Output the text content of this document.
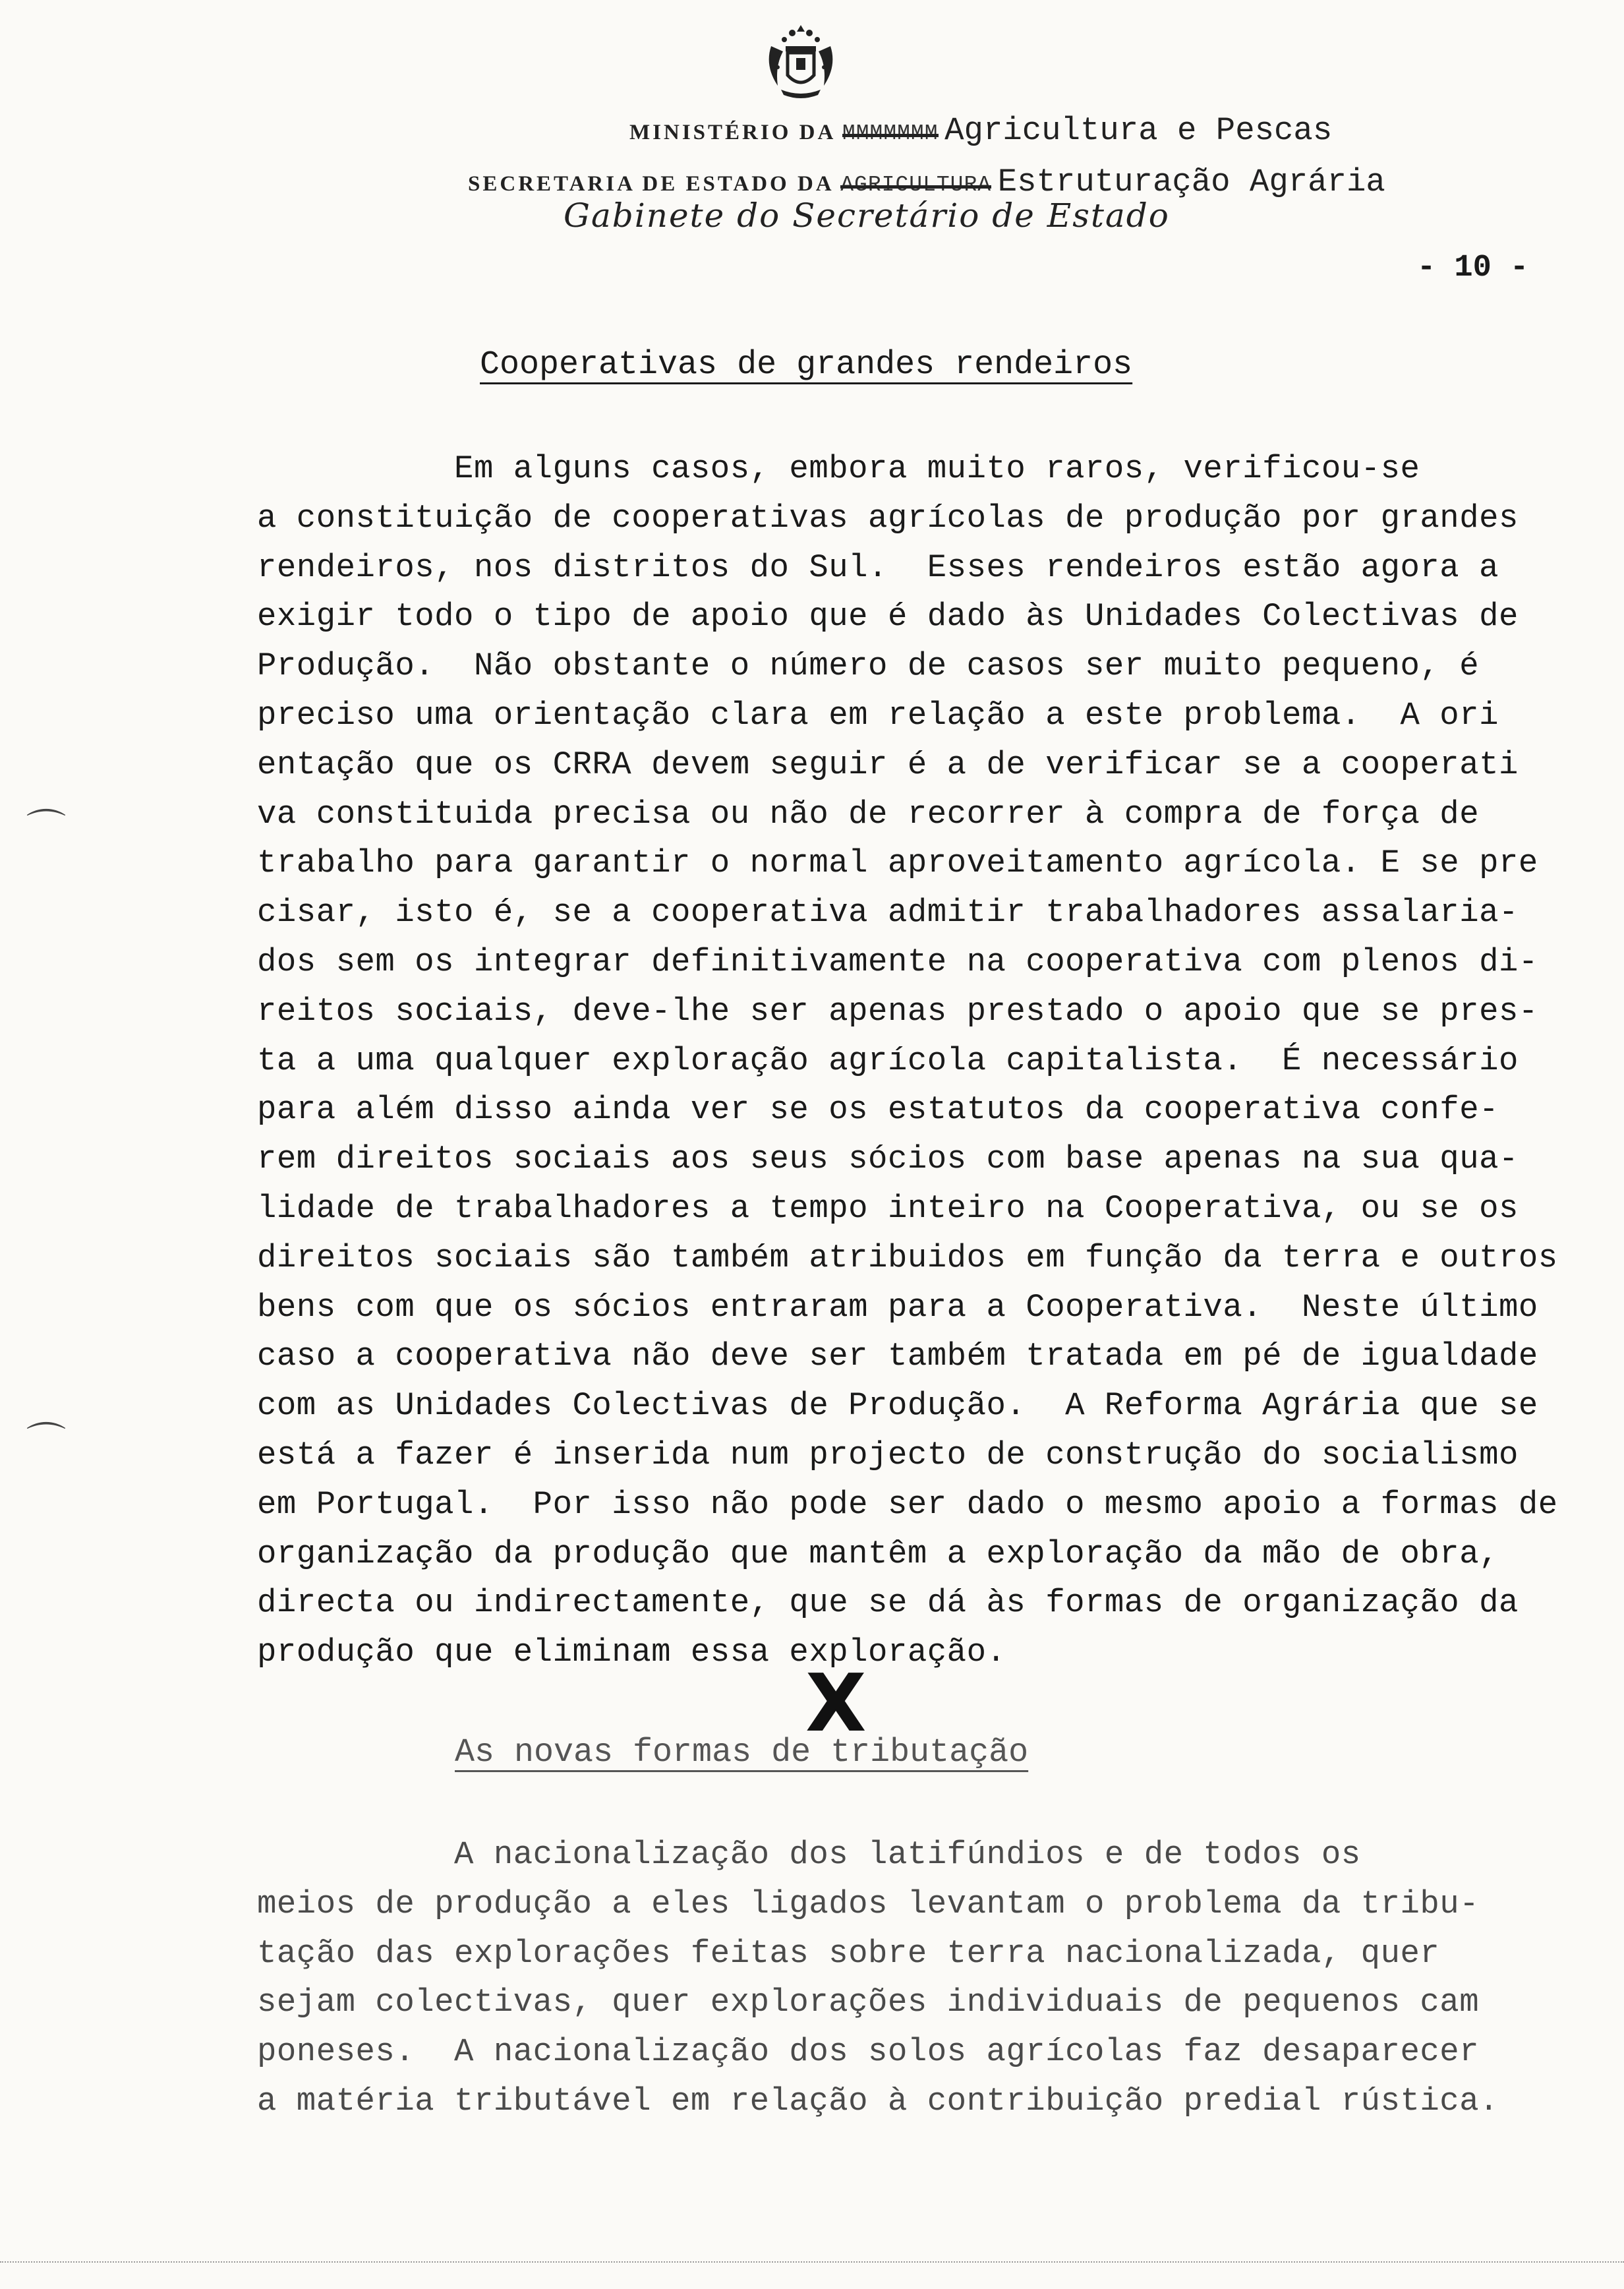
MINISTÉRIO DA MMMMMMM Agricultura e Pescas
SECRETARIA DE ESTADO DA AGRICULTURA Estruturação Agrária
Gabinete do Secretário de Estado
- 10 -
Cooperativas de grandes rendeiros
Em alguns casos, embora muito raros, verificou-se
a constituição de cooperativas agrícolas de produção por grandes
rendeiros, nos distritos do Sul.  Esses rendeiros estão agora a
exigir todo o tipo de apoio que é dado às Unidades Colectivas de
Produção.  Não obstante o número de casos ser muito pequeno, é
preciso uma orientação clara em relação a este problema.  A ori
entação que os CRRA devem seguir é a de verificar se a cooperati
va constituida precisa ou não de recorrer à compra de força de
trabalho para garantir o normal aproveitamento agrícola. E se pre
cisar, isto é, se a cooperativa admitir trabalhadores assalaria-
dos sem os integrar definitivamente na cooperativa com plenos di-
reitos sociais, deve-lhe ser apenas prestado o apoio que se pres-
ta a uma qualquer exploração agrícola capitalista.  É necessário
para além disso ainda ver se os estatutos da cooperativa confe-
rem direitos sociais aos seus sócios com base apenas na sua qua-
lidade de trabalhadores a tempo inteiro na Cooperativa, ou se os
direitos sociais são também atribuidos em função da terra e outros
bens com que os sócios entraram para a Cooperativa.  Neste último
caso a cooperativa não deve ser também tratada em pé de igualdade
com as Unidades Colectivas de Produção.  A Reforma Agrária que se
está a fazer é inserida num projecto de construção do socialismo
em Portugal.  Por isso não pode ser dado o mesmo apoio a formas de
organização da produção que mantêm a exploração da mão de obra,
directa ou indirectamente, que se dá às formas de organização da
produção que eliminam essa exploração.
X
As novas formas de tributação
A nacionalização dos latifúndios e de todos os
meios de produção a eles ligados levantam o problema da tribu-
tação das explorações feitas sobre terra nacionalizada, quer
sejam colectivas, quer explorações individuais de pequenos cam
poneses.  A nacionalização dos solos agrícolas faz desaparecer
a matéria tributável em relação à contribuição predial rústica.
⌒
⌒
